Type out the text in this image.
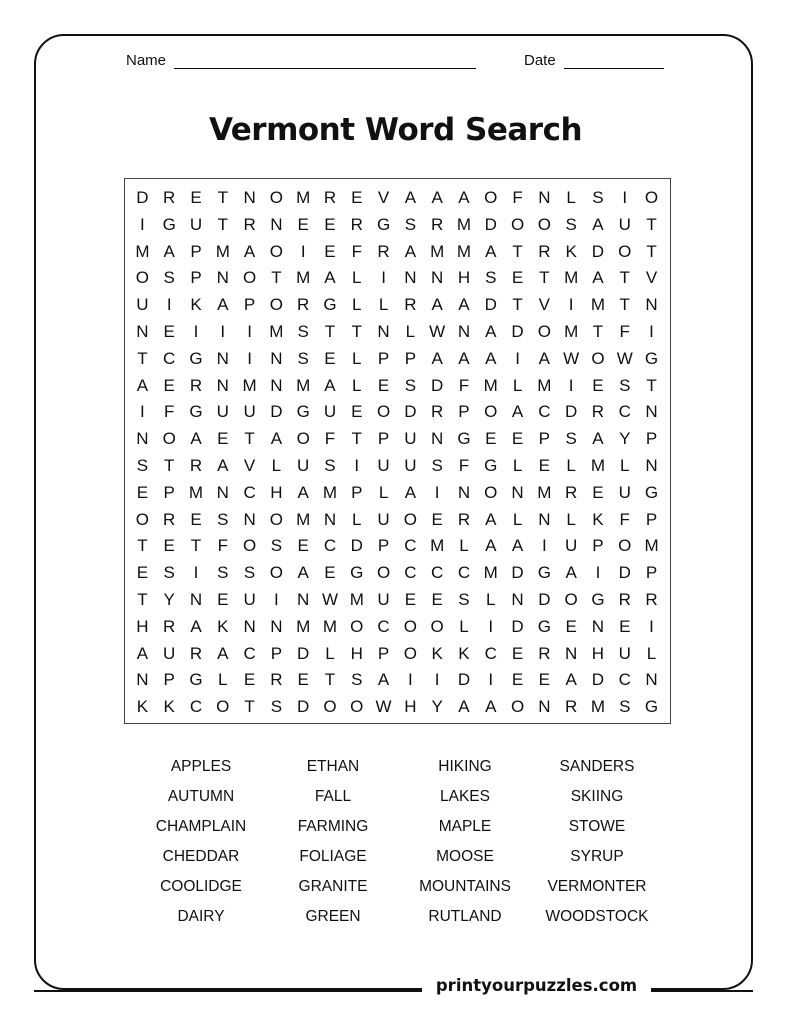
Name	Date
Vermont Word Search
D R E T N O M R E V A A A O F N L S	I	O
I	G U T R N E E R G S R M D O O S A U T
M A P M A O	I	E F R A M M A T R K D O T
O S P N O T M A L	I	N N H S E T M A T V
U	I	K A P O R G L	L R A A D T V	I	M T N
N E	I	I	I	M S T T N L W N A D O M T F	I
T C G N	I	N S E L P P A A A	I	A W O W G
A E R N M N M A L E S D F M L M	I	E S T
I	F G U U D G U E O D R P O A C D R C N
N O A E T A O F T P U N G E E P S A Y P
S T R A V L U S	I	U U S F G L E L M L N
E P M N C H A M P L A	I	N O N M R E U G
O R E S N O M N L U O E R A L N L K F P
T E T F O S E C D P C M L A A	I	U P O M
E S	I	S S O A E G O C C C M D G A	I	D P
T Y N E U	I	N W M U E E S L N D O G R R
H R A K N N M M O C O O L	I	D G E N E	I
A U R A C P D L H P O K K C E R N H U L
N P G L E R E T S A	I	I	D	I	E E A D C N
K K C O T S D O O W H Y A A O N R M S G
APPLES	ETHAN	HIKING	SANDERS
AUTUMN	FALL	LAKES	SKIING
CHAMPLAIN	FARMING	MAPLE	STOWE
CHEDDAR	FOLIAGE	MOOSE	SYRUP
COOLIDGE	GRANITE	MOUNTAINS	VERMONTER
DAIRY	GREEN	RUTLAND	WOODSTOCK
printyourpuzzles.com
